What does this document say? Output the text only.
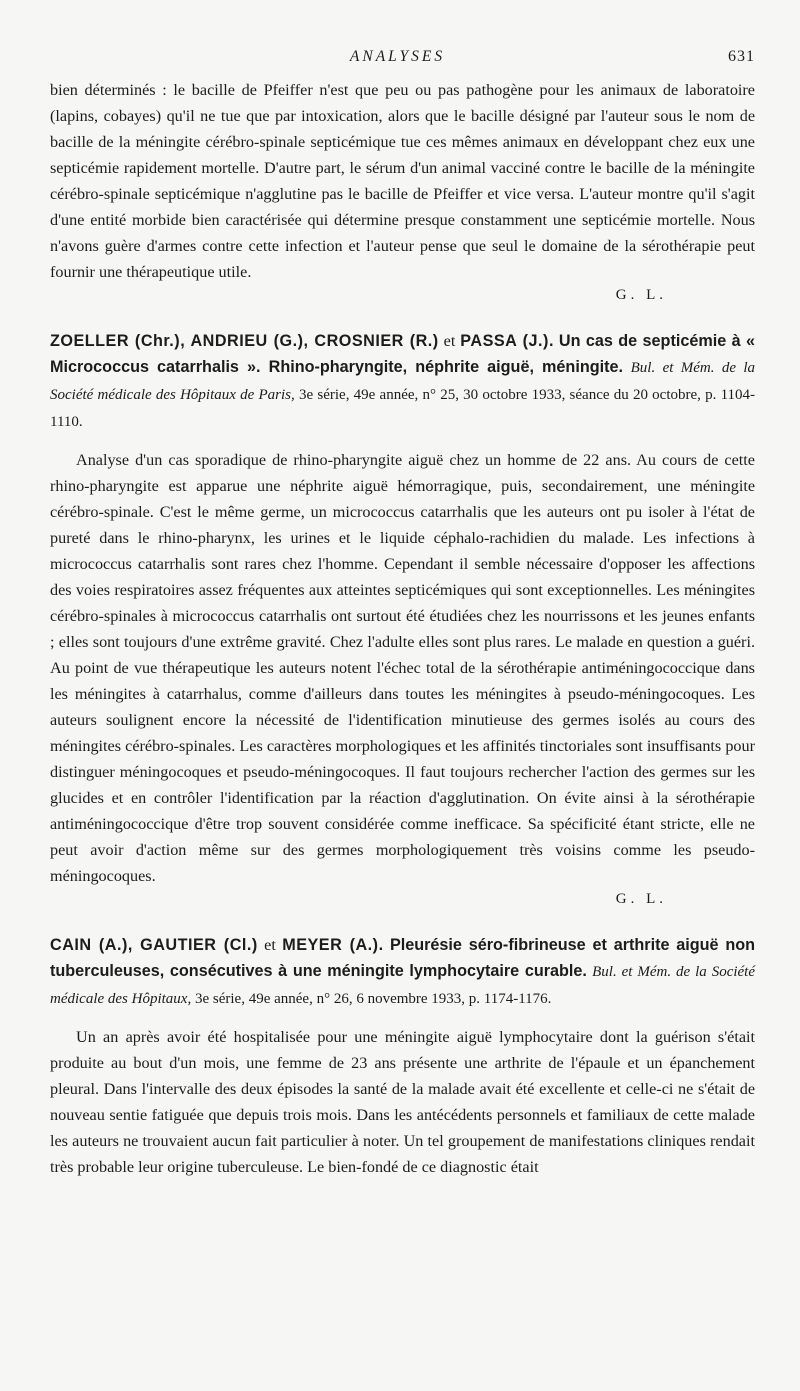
ANALYSES	631

bien déterminés : le bacille de Pfeiffer n'est que peu ou pas pathogène pour les animaux de laboratoire (lapins, cobayes) qu'il ne tue que par intoxication, alors que le bacille désigné par l'auteur sous le nom de bacille de la méningite cérébro-spinale septicémique tue ces mêmes animaux en développant chez eux une septicémie rapidement mortelle. D'autre part, le sérum d'un animal vacciné contre le bacille de la méningite cérébro-spinale septicémique n'agglutine pas le bacille de Pfeiffer et vice versa. L'auteur montre qu'il s'agit d'une entité morbide bien caractérisée qui détermine presque constamment une septicémie mortelle. Nous n'avons guère d'armes contre cette infection et l'auteur pense que seul le domaine de la sérothérapie peut fournir une thérapeutique utile.

G. L.
ZOELLER (Chr.), ANDRIEU (G.), CROSNIER (R.) et PASSA (J.). Un cas de septicémie à « Micrococcus catarrhalis ». Rhino-pharyngite, néphrite aiguë, méningite. Bul. et Mém. de la Société médicale des Hôpitaux de Paris, 3e série, 49e année, n° 25, 30 octobre 1933, séance du 20 octobre, p. 1104-1110.

Analyse d'un cas sporadique de rhino-pharyngite aiguë chez un homme de 22 ans. Au cours de cette rhino-pharyngite est apparue une néphrite aiguë hémorragique, puis, secondairement, une méningite cérébro-spinale. C'est le même germe, un micrococcus catarrhalis que les auteurs ont pu isoler à l'état de pureté dans le rhino-pharynx, les urines et le liquide céphalo-rachidien du malade. Les infections à micrococcus catarrhalis sont rares chez l'homme. Cependant il semble nécessaire d'opposer les affections des voies respiratoires assez fréquentes aux atteintes septicémiques qui sont exceptionnelles. Les méningites cérébro-spinales à micrococcus catarrhalis ont surtout été étudiées chez les nourrissons et les jeunes enfants ; elles sont toujours d'une extrême gravité. Chez l'adulte elles sont plus rares. Le malade en question a guéri. Au point de vue thérapeutique les auteurs notent l'échec total de la sérothérapie antiméningococcique dans les méningites à catarrhalus, comme d'ailleurs dans toutes les méningites à pseudo-méningocoques. Les auteurs soulignent encore la nécessité de l'identification minutieuse des germes isolés au cours des méningites cérébro-spinales. Les caractères morphologiques et les affinités tinctoriales sont insuffisants pour distinguer méningocoques et pseudo-méningocoques. Il faut toujours rechercher l'action des germes sur les glucides et en contrôler l'identification par la réaction d'agglutination. On évite ainsi à la sérothérapie antiméningococcique d'être trop souvent considérée comme inefficace. Sa spécificité étant stricte, elle ne peut avoir d'action même sur des germes morphologiquement très voisins comme les pseudo-méningocoques.

G. L.
CAIN (A.), GAUTIER (Cl.) et MEYER (A.). Pleurésie séro-fibrineuse et arthrite aiguë non tuberculeuses, consécutives à une méningite lymphocytaire curable. Bul. et Mém. de la Société médicale des Hôpitaux, 3e série, 49e année, n° 26, 6 novembre 1933, p. 1174-1176.

Un an après avoir été hospitalisée pour une méningite aiguë lymphocytaire dont la guérison s'était produite au bout d'un mois, une femme de 23 ans présente une arthrite de l'épaule et un épanchement pleural. Dans l'intervalle des deux épisodes la santé de la malade avait été excellente et celle-ci ne s'était de nouveau sentie fatiguée que depuis trois mois. Dans les antécédents personnels et familiaux de cette malade les auteurs ne trouvaient aucun fait particulier à noter. Un tel groupement de manifestations cliniques rendait très probable leur origine tuberculeuse. Le bien-fondé de ce diagnostic était
